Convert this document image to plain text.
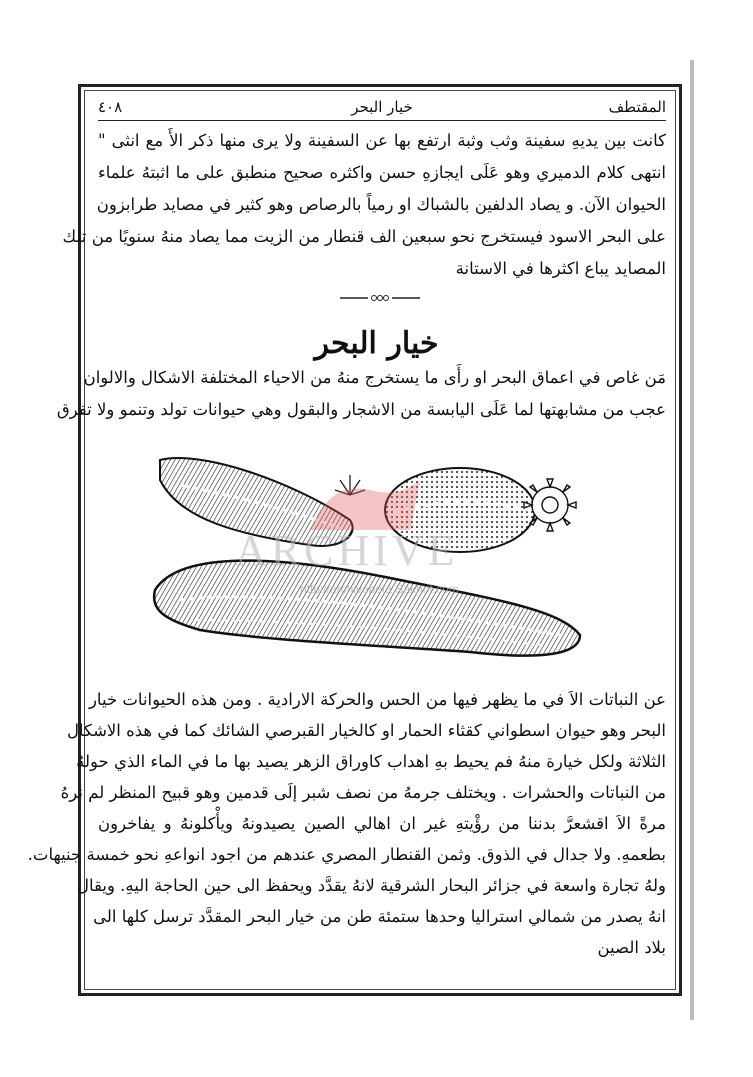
المقتطف
خيار البحر
٤٠٨
كانت بين يديهِ سفينة وثب وثبة ارتفع بها عن السفينة ولا يرى منها ذكر الأَ مع انثى "
انتهى كلام الدميري وهو عَلَى ايجازهِ حسن واكثره صحيح منطبق على ما اثبتهُ علماء
الحيوان الآن. و يصاد الدلفين بالشباك او رمياً بالرصاص وهو كثير في مصايد طرابزون
على البحر الاسود فيستخرج نحو سبعين الف قنطار من الزيت مما يصاد منهُ سنويًا من تلك
المصايد يباع اكثرها في الاستانة
خيار البحر
مَن غاص في اعماق البحر او رأَى ما يستخرج منهُ من الاحياء المختلفة الاشكال والالوان
عجب من مشابهتها لما عَلَى اليابسة من الاشجار والبقول وهي حيوانات تولد وتنمو ولا تفرق
ARCHIVE
http://archivebeta.Sakhrit.com
عن النباتات الاَ في ما يظهر فيها من الحس والحركة الارادية . ومن هذه الحيوانات خيار
البحر وهو حيوان اسطواني كقثاء الحمار او كالخيار القبرصي الشائك كما في هذه الاشكال
الثلاثة ولكل خيارة منهُ فم يحيط بهِ اهداب كاوراق الزهر يصيد بها ما في الماء الذي حولهُ
من النباتات والحشرات . ويختلف جرمهُ من نصف شبر إلَى قدمين وهو قبيح المنظر لم نرهُ
مرةً الاَ اقشعرَّ بدننا من رؤْيتهِ غير ان اهالي الصين يصيدونهُ ويأْكلونهُ و يفاخرون
بطعمهِ. ولا جدال في الذوق. وثمن القنطار المصري عندهم من اجود انواعهِ نحو خمسة جنيهات.
ولهُ تجارة واسعة في جزائر البحار الشرقية لانهُ يقدَّد ويحفظ الى حين الحاجة اليهِ. ويقال
انهُ يصدر من شمالي استراليا وحدها ستمئة طن من خيار البحر المقدَّد ترسل كلها الى
بلاد الصين
